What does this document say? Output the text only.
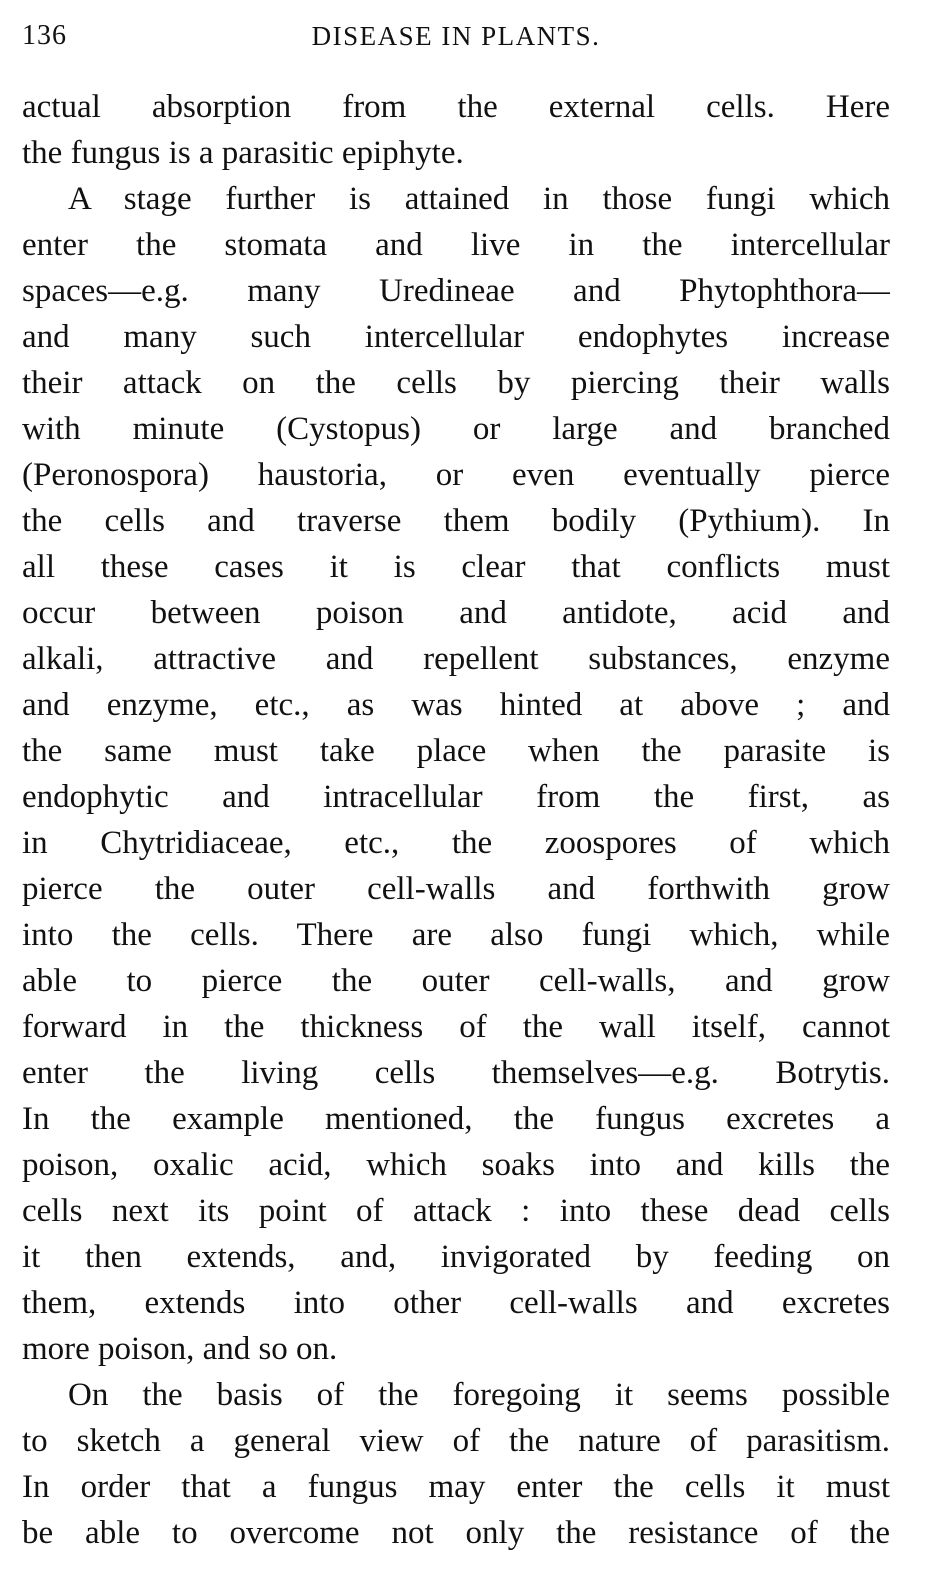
136	DISEASE IN PLANTS.
actual absorption from the external cells. Here
the fungus is a parasitic epiphyte.
A stage further is attained in those fungi which
enter the stomata and live in the intercellular
spaces—e.g. many Uredineae and Phytophthora—
and many such intercellular endophytes increase
their attack on the cells by piercing their walls
with minute (Cystopus) or large and branched
(Peronospora) haustoria, or even eventually pierce
the cells and traverse them bodily (Pythium). In
all these cases it is clear that conflicts must
occur between poison and antidote, acid and
alkali, attractive and repellent substances, enzyme
and enzyme, etc., as was hinted at above ; and
the same must take place when the parasite is
endophytic and intracellular from the first, as
in Chytridiaceae, etc., the zoospores of which
pierce the outer cell-walls and forthwith grow
into the cells. There are also fungi which, while
able to pierce the outer cell-walls, and grow
forward in the thickness of the wall itself, cannot
enter the living cells themselves—e.g. Botrytis.
In the example mentioned, the fungus excretes a
poison, oxalic acid, which soaks into and kills the
cells next its point of attack : into these dead cells
it then extends, and, invigorated by feeding on
them, extends into other cell-walls and excretes
more poison, and so on.
On the basis of the foregoing it seems possible
to sketch a general view of the nature of parasitism.
In order that a fungus may enter the cells it must
be able to overcome not only the resistance of the
